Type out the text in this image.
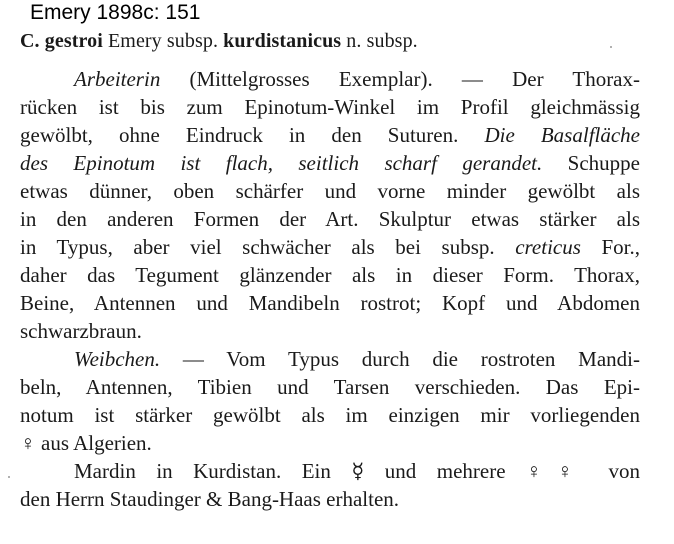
Emery 1898c: 151
C. gestroi Emery subsp. kurdistanicus n. subsp.
Arbeiterin (Mittelgrosses Exemplar). — Der Thorax-
rücken ist bis zum Epinotum-Winkel im Profil gleichmässig
gewölbt, ohne Eindruck in den Suturen. Die Basalfläche
des Epinotum ist flach, seitlich scharf gerandet. Schuppe
etwas dünner, oben schärfer und vorne minder gewölbt als
in den anderen Formen der Art. Skulptur etwas stärker als
in Typus, aber viel schwächer als bei subsp. creticus For.,
daher das Tegument glänzender als in dieser Form. Thorax,
Beine, Antennen und Mandibeln rostrot; Kopf und Abdomen
schwarzbraun.
Weibchen. — Vom Typus durch die rostroten Mandi-
beln, Antennen, Tibien und Tarsen verschieden. Das Epi-
notum ist stärker gewölbt als im einzigen mir vorliegenden
♀ aus Algerien.
Mardin in Kurdistan. Ein ☿ und mehrere ♀♀ von
den Herrn Staudinger & Bang-Haas erhalten.
